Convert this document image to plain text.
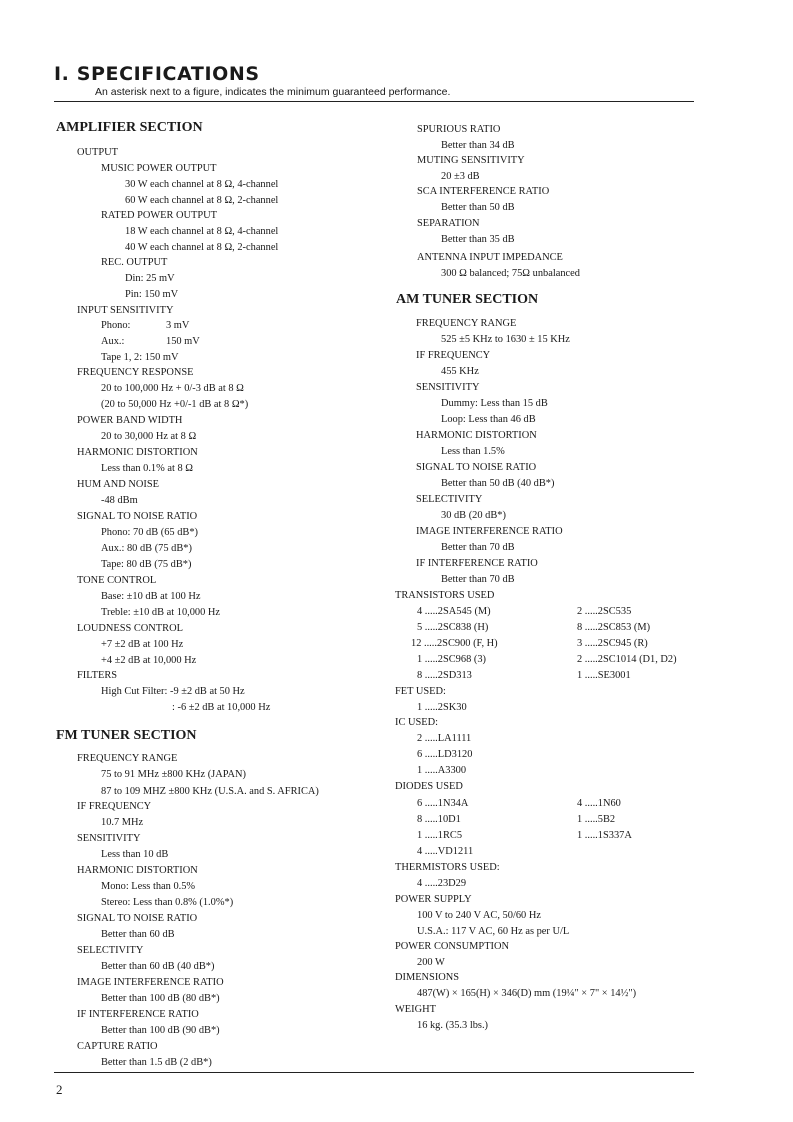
I. SPECIFICATIONS
An asterisk next to a figure, indicates the minimum guaranteed performance.
AMPLIFIER SECTION
OUTPUT
MUSIC POWER OUTPUT
30 W each channel at 8 Ω, 4-channel
60 W each channel at 8 Ω, 2-channel
RATED POWER OUTPUT
18 W each channel at 8 Ω, 4-channel
40 W each channel at 8 Ω, 2-channel
REC. OUTPUT
Din: 25 mV
Pin: 150 mV
INPUT SENSITIVITY
Phono:	3 mV
Aux.:	150 mV
Tape 1, 2: 150 mV
FREQUENCY RESPONSE
20 to 100,000 Hz + 0/-3 dB at 8 Ω
(20 to 50,000 Hz +0/-1 dB at 8 Ω*)
POWER BAND WIDTH
20 to 30,000 Hz at 8 Ω
HARMONIC DISTORTION
Less than 0.1% at 8 Ω
HUM AND NOISE
-48 dBm
SIGNAL TO NOISE RATIO
Phono: 70 dB (65 dB*)
Aux.: 80 dB (75 dB*)
Tape: 80 dB (75 dB*)
TONE CONTROL
Base: ±10 dB at 100 Hz
Treble: ±10 dB at 10,000 Hz
LOUDNESS CONTROL
+7 ±2 dB at 100 Hz
+4 ±2 dB at 10,000 Hz
FILTERS
High Cut Filter: -9 ±2 dB at 50 Hz
: -6 ±2 dB at 10,000 Hz
FM TUNER SECTION
FREQUENCY RANGE
75 to 91 MHz ±800 KHz (JAPAN)
87 to 109 MHZ ±800 KHz (U.S.A. and S. AFRICA)
IF FREQUENCY
10.7 MHz
SENSITIVITY
Less than 10 dB
HARMONIC DISTORTION
Mono: Less than 0.5%
Stereo: Less than 0.8% (1.0%*)
SIGNAL TO NOISE RATIO
Better than 60 dB
SELECTIVITY
Better than 60 dB (40 dB*)
IMAGE INTERFERENCE RATIO
Better than 100 dB (80 dB*)
IF INTERFERENCE RATIO
Better than 100 dB (90 dB*)
CAPTURE RATIO
Better than 1.5 dB (2 dB*)
SPURIOUS RATIO
Better than 34 dB
MUTING SENSITIVITY
20 ±3 dB
SCA INTERFERENCE RATIO
Better than 50 dB
SEPARATION
Better than 35 dB
ANTENNA INPUT IMPEDANCE
300 Ω balanced; 75Ω unbalanced
AM TUNER SECTION
FREQUENCY RANGE
525 ±5 KHz to 1630 ± 15 KHz
IF FREQUENCY
455 KHz
SENSITIVITY
Dummy: Less than 15 dB
Loop: Less than 46 dB
HARMONIC DISTORTION
Less than 1.5%
SIGNAL TO NOISE RATIO
Better than 50 dB (40 dB*)
SELECTIVITY
30 dB (20 dB*)
IMAGE INTERFERENCE RATIO
Better than 70 dB
IF INTERFERENCE RATIO
Better than 70 dB
TRANSISTORS USED
4 .....2SA545 (M)	2 .....2SC535
5 .....2SC838 (H)	8 .....2SC853 (M)
12 .....2SC900 (F, H)	3 .....2SC945 (R)
1 .....2SC968 (3)	2 .....2SC1014 (D1, D2)
8 .....2SD313	1 .....SE3001
FET USED:
1 .....2SK30
IC USED:
2 .....LA1111
6 .....LD3120
1 .....A3300
DIODES USED
6 .....1N34A	4 .....1N60
8 .....10D1	1 .....5B2
1 .....1RC5	1 .....1S337A
4 .....VD1211
THERMISTORS USED:
4 .....23D29
POWER SUPPLY
100 V to 240 V AC, 50/60 Hz
U.S.A.: 117 V AC, 60 Hz as per U/L
POWER CONSUMPTION
200 W
DIMENSIONS
487(W) × 165(H) × 346(D) mm (19¼" × 7" × 14½")
WEIGHT
16 kg. (35.3 lbs.)
2
